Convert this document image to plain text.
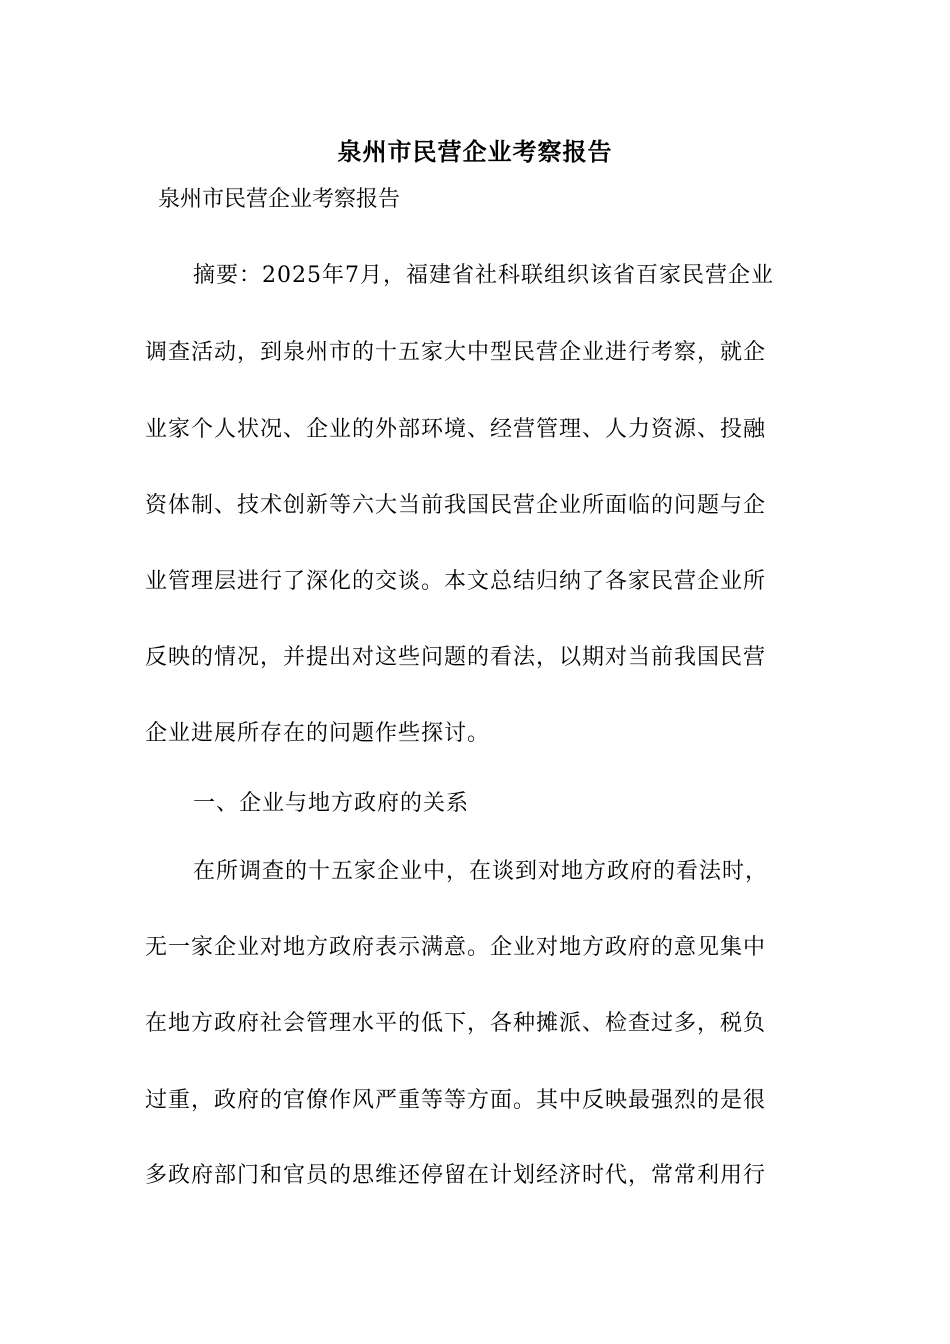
泉州市民营企业考察报告
泉州市民营企业考察报告
摘要：2025年7月，福建省社科联组织该省百家民营企业
调查活动，到泉州市的十五家大中型民营企业进行考察，就企
业家个人状况、企业的外部环境、经营管理、人力资源、投融
资体制、技术创新等六大当前我国民营企业所面临的问题与企
业管理层进行了深化的交谈。本文总结归纳了各家民营企业所
反映的情况，并提出对这些问题的看法，以期对当前我国民营
企业进展所存在的问题作些探讨。
一、企业与地方政府的关系
在所调查的十五家企业中，在谈到对地方政府的看法时，
无一家企业对地方政府表示满意。企业对地方政府的意见集中
在地方政府社会管理水平的低下，各种摊派、检查过多，税负
过重，政府的官僚作风严重等等方面。其中反映最强烈的是很
多政府部门和官员的思维还停留在计划经济时代，常常利用行
